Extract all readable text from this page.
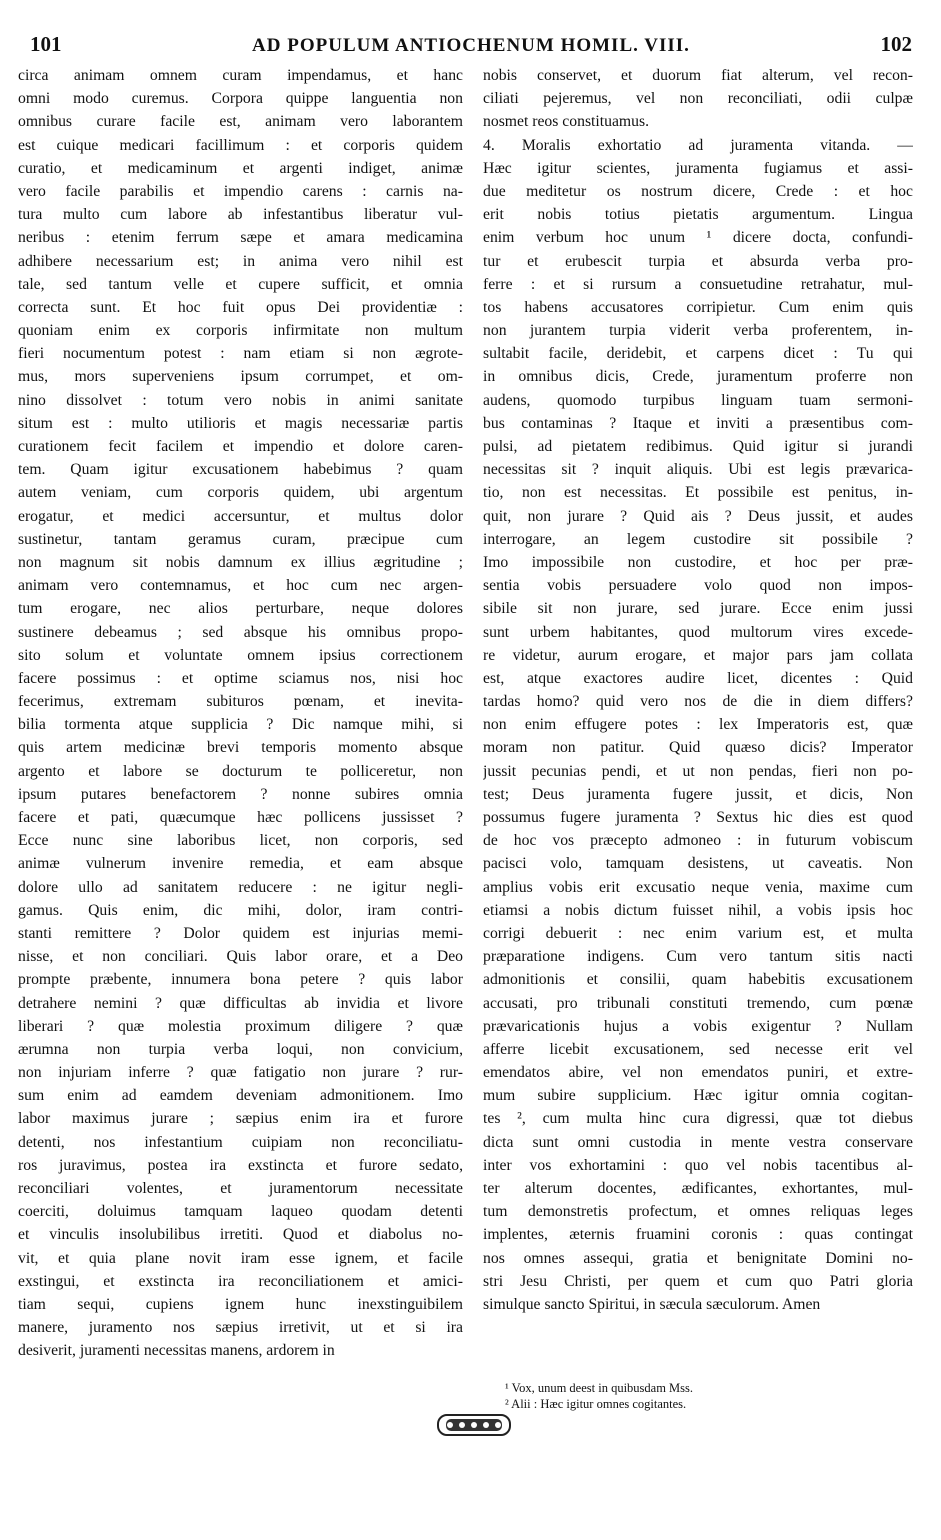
101	AD POPULUM ANTIOCHENUM HOMIL. VIII.	102
circa animam omnem curam impendamus, et hanc
omni modo curemus. Corpora quippe languentia non
omnibus curare facile est, animam vero laborantem
est cuique medicari facillimum : et corporis quidem
curatio, et medicaminum et argenti indiget, animæ
vero facile parabilis et impendio carens : carnis na-
tura multo cum labore ab infestantibus liberatur vul-
neribus : etenim ferrum sæpe et amara medicamina
adhibere necessarium est; in anima vero nihil est
tale, sed tantum velle et cupere sufficit, et omnia
correcta sunt. Et hoc fuit opus Dei providentiæ :
quoniam enim ex corporis infirmitate non multum
fieri nocumentum potest : nam etiam si non ægrote-
mus, mors superveniens ipsum corrumpet, et om-
nino dissolvet : totum vero nobis in animi sanitate
situm est : multo utilioris et magis necessariæ partis
curationem fecit facilem et impendio et dolore caren-
tem. Quam igitur excusationem habebimus ? quam
autem veniam, cum corporis quidem, ubi argentum
erogatur, et medici accersuntur, et multus dolor
sustinetur, tantam geramus curam, præcipue cum
non magnum sit nobis damnum ex illius ægritudine ;
animam vero contemnamus, et hoc cum nec argen-
tum erogare, nec alios perturbare, neque dolores
sustinere debeamus ; sed absque his omnibus propo-
sito solum et voluntate omnem ipsius correctionem
facere possimus : et optime sciamus nos, nisi hoc
fecerimus, extremam subituros pœnam, et inevita-
bilia tormenta atque supplicia ? Dic namque mihi, si
quis artem medicinæ brevi temporis momento absque
argento et labore se docturum te polliceretur, non
ipsum putares benefactorem ? nonne subires omnia
facere et pati, quæcumque hæc pollicens jussisset ?
Ecce nunc sine laboribus licet, non corporis, sed
animæ vulnerum invenire remedia, et eam absque
dolore ullo ad sanitatem reducere : ne igitur negli-
gamus. Quis enim, dic mihi, dolor, iram contri-
stanti remittere ? Dolor quidem est injurias memi-
nisse, et non conciliari. Quis labor orare, et a Deo
prompte præbente, innumera bona petere ? quis labor
detrahere nemini ? quæ difficultas ab invidia et livore
liberari ? quæ molestia proximum diligere ? quæ
ærumna non turpia verba loqui, non convicium,
non injuriam inferre ? quæ fatigatio non jurare ? rur-
sum enim ad eamdem deveniam admonitionem. Imo
labor maximus jurare ; sæpius enim ira et furore
detenti, nos infestantium cuipiam non reconciliatu-
ros juravimus, postea ira exstincta et furore sedato,
reconciliari volentes, et juramentorum necessitate
coerciti, doluimus tamquam laqueo quodam detenti
et vinculis insolubilibus irretiti. Quod et diabolus no-
vit, et quia plane novit iram esse ignem, et facile
exstingui, et exstincta ira reconciliationem et amici-
tiam sequi, cupiens ignem hunc inexstinguibilem
manere, juramento nos sæpius irretivit, ut et si ira
desiverit, juramenti necessitas manens, ardorem in
nobis conservet, et duorum fiat alterum, vel recon-
ciliati pejeremus, vel non reconciliati, odii culpæ
nosmet reos constituamus.
4. Moralis exhortatio ad juramenta vitanda. —
Hæc igitur scientes, juramenta fugiamus et assi-
due meditetur os nostrum dicere, Crede : et hoc
erit nobis totius pietatis argumentum. Lingua
enim verbum hoc unum ¹ dicere docta, confundi-
tur et erubescit turpia et absurda verba pro-
ferre : et si rursum a consuetudine retrahatur, mul-
tos habens accusatores corripietur. Cum enim quis
non jurantem turpia viderit verba proferentem, in-
sultabit facile, deridebit, et carpens dicet : Tu qui
in omnibus dicis, Crede, juramentum proferre non
audens, quomodo turpibus linguam tuam sermoni-
bus contaminas ? Itaque et inviti a præsentibus com-
pulsi, ad pietatem redibimus. Quid igitur si jurandi
necessitas sit ? inquit aliquis. Ubi est legis prævarica-
tio, non est necessitas. Et possibile est penitus, in-
quit, non jurare ? Quid ais ? Deus jussit, et audes
interrogare, an legem custodire sit possibile ?
Imo impossibile non custodire, et hoc per præ-
sentia vobis persuadere volo quod non impos-
sibile sit non jurare, sed jurare. Ecce enim jussi
sunt urbem habitantes, quod multorum vires excede-
re videtur, aurum erogare, et major pars jam collata
est, atque exactores audire licet, dicentes : Quid
tardas homo? quid vero nos de die in diem differs?
non enim effugere potes : lex Imperatoris est, quæ
moram non patitur. Quid quæso dicis? Imperator
jussit pecunias pendi, et ut non pendas, fieri non po-
test; Deus juramenta fugere jussit, et dicis, Non
possumus fugere juramenta ? Sextus hic dies est quod
de hoc vos præcepto admoneo : in futurum vobiscum
pacisci volo, tamquam desistens, ut caveatis. Non
amplius vobis erit excusatio neque venia, maxime cum
etiamsi a nobis dictum fuisset nihil, a vobis ipsis hoc
corrigi debuerit : nec enim varium est, et multa
præparatione indigens. Cum vero tantum sitis nacti
admonitionis et consilii, quam habebitis excusationem
accusati, pro tribunali constituti tremendo, cum pœnæ
prævaricationis hujus a vobis exigentur ? Nullam
afferre licebit excusationem, sed necesse erit vel
emendatos abire, vel non emendatos puniri, et extre-
mum subire supplicium. Hæc igitur omnia cogitan-
tes ², cum multa hinc cura digressi, quæ tot diebus
dicta sunt omni custodia in mente vestra conservare
inter vos exhortamini : quo vel nobis tacentibus al-
ter alterum docentes, ædificantes, exhortantes, mul-
tum demonstretis profectum, et omnes reliquas leges
implentes, æternis fruamini coronis : quas contingat
nos omnes assequi, gratia et benignitate Domini no-
stri Jesu Christi, per quem et cum quo Patri gloria
simulque sancto Spiritui, in sæcula sæculorum. Amen
¹ Vox, unum deest in quibusdam Mss.
² Alii : Hæc igitur omnes cogitantes.
